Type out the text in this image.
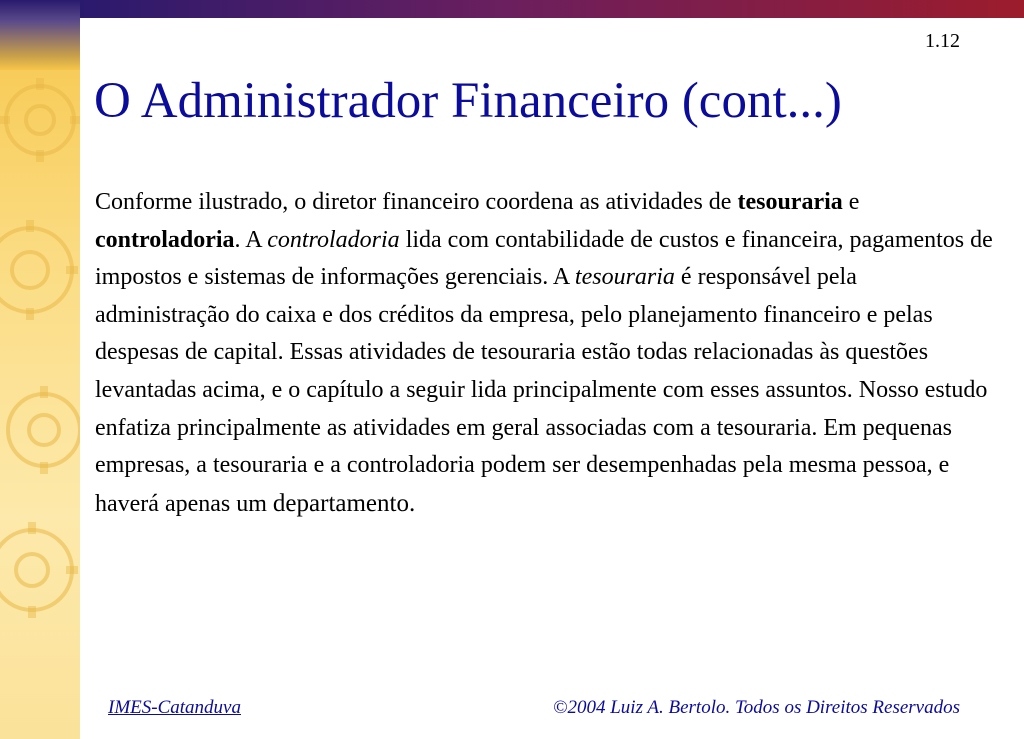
1.12
O Administrador Financeiro (cont...)

Conforme ilustrado, o diretor financeiro coordena as atividades de tesouraria e controladoria. A controladoria lida com contabilidade de custos e financeira, pagamentos de impostos e sistemas de informações gerenciais. A tesouraria é responsável pela administração do caixa e dos créditos da empresa, pelo planejamento financeiro e pelas despesas de capital. Essas atividades de tesouraria estão todas relacionadas às questões levantadas acima, e o capítulo a seguir lida principalmente com esses assuntos. Nosso estudo enfatiza principalmente as atividades em geral associadas com a tesouraria. Em pequenas empresas, a tesouraria e a controladoria podem ser desempenhadas pela mesma pessoa, e haverá apenas um departamento.

IMES-Catanduva	©2004 Luiz A. Bertolo. Todos os Direitos Reservados
